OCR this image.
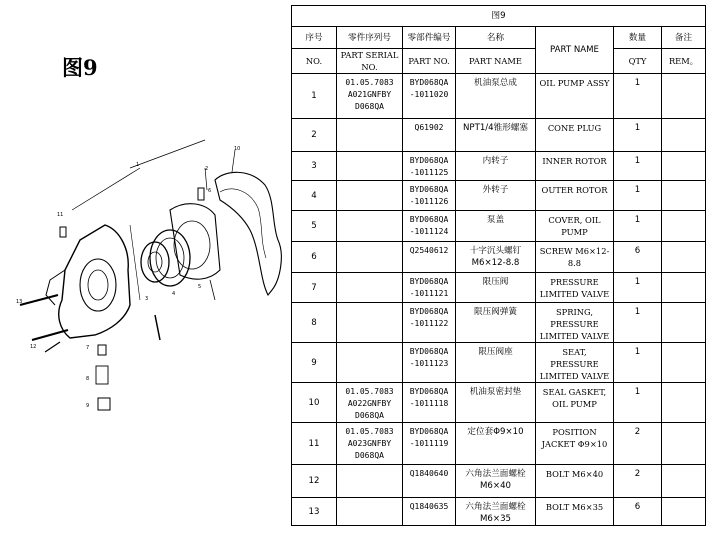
图9
1
2
6
10
11
3
4
5
13
12	7
8
9
图9						
序号	零件序列号	零部件编号	名称	PART NAME	数量	备注
NO.	PART SERIAL NO.	PART NO.	PART NAME		QTY	REM。
1	01.05.7083 A021GNFBY D068QA	BYD068QA -1011020	机油泵总成	OIL PUMP ASSY	1	
2		Q61902	NPT1/4锥形螺塞	CONE PLUG	1	
3		BYD068QA -1011125	内转子	INNER ROTOR	1	
4		BYD068QA -1011126	外转子	OUTER ROTOR	1	
5		BYD068QA -1011124	泵盖	COVER, OIL PUMP	1	
6		Q2540612	十字沉头螺钉M6×12-8.8	SCREW M6×12-8.8	6	
7		BYD068QA -1011121	限压阀	PRESSURE LIMITED VALVE	1	
8		BYD068QA -1011122	限压阀弹簧	SPRING, PRESSURE LIMITED VALVE	1	
9		BYD068QA -1011123	限压阀座	SEAT, PRESSURE LIMITED VALVE	1	
10	01.05.7083 A022GNFBY D068QA	BYD068QA -1011118	机油泵密封垫	SEAL GASKET, OIL PUMP	1	
11	01.05.7083 A023GNFBY D068QA	BYD068QA -1011119	定位套Φ9×10	POSITION JACKET Φ9×10	2	
12		Q1840640	六角法兰面螺栓M6×40	BOLT M6×40	2	
13		Q1840635	六角法兰面螺栓M6×35	BOLT M6×35	6	
